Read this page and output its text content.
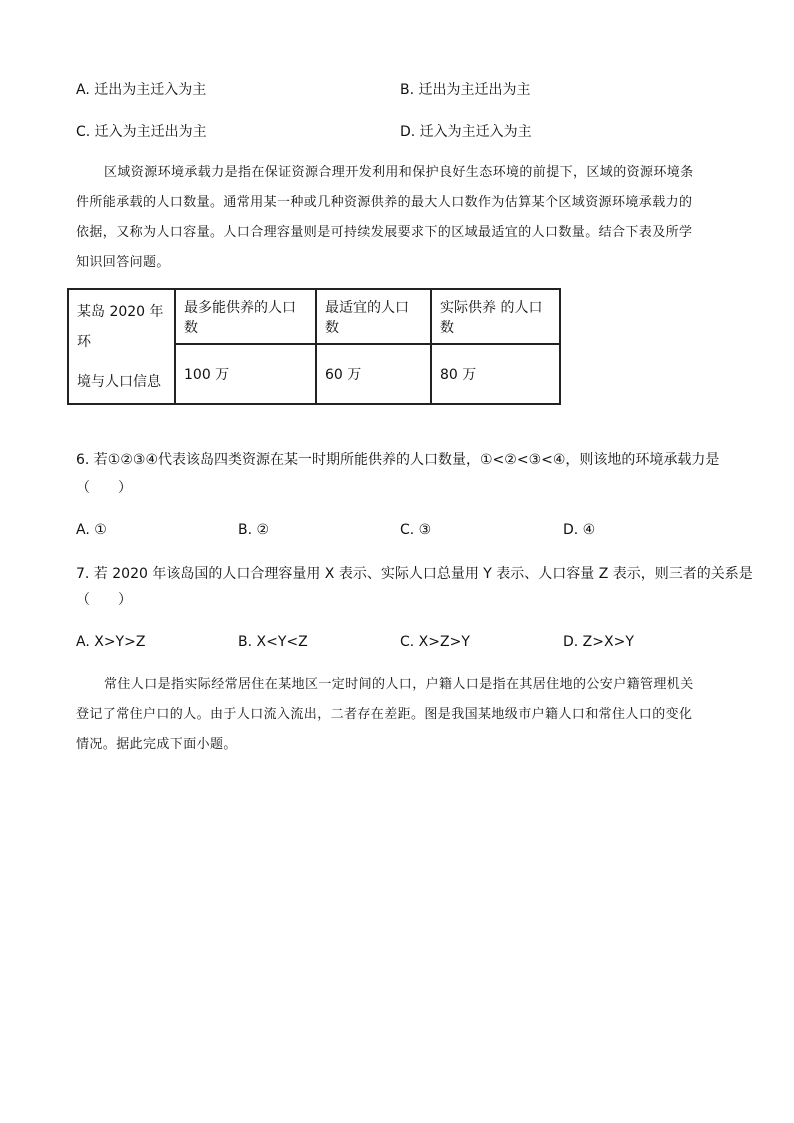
A. 迁出为主迁入为主	B. 迁出为主迁出为主
C. 迁入为主迁出为主	D. 迁入为主迁入为主
区域资源环境承载力是指在保证资源合理开发利用和保护良好生态环境的前提下，区域的资源环境条
件所能承载的人口数量。通常用某一种或几种资源供养的最大人口数作为估算某个区域资源环境承载力的
依据，又称为人口容量。人口合理容量则是可持续发展要求下的区域最适宜的人口数量。结合下表及所学
知识回答问题。
某岛 2020 年环
境与人口信息	最多能供养的人口数	最适宜的人口数	实际供养 的人口数
	100 万	60 万	80 万
6. 若①②③④代表该岛四类资源在某一时期所能供养的人口数量，①<②<③<④，则该地的环境承载力是
（　　）
A. ①	B. ②	C. ③	D. ④
7. 若 2020 年该岛国的人口合理容量用 X 表示、实际人口总量用 Y 表示、人口容量 Z 表示，则三者的关系是
（　　）
A. X>Y>Z	B. X<Y<Z	C. X>Z>Y	D. Z>X>Y
常住人口是指实际经常居住在某地区一定时间的人口，户籍人口是指在其居住地的公安户籍管理机关
登记了常住户口的人。由于人口流入流出，二者存在差距。图是我国某地级市户籍人口和常住人口的变化
情况。据此完成下面小题。
